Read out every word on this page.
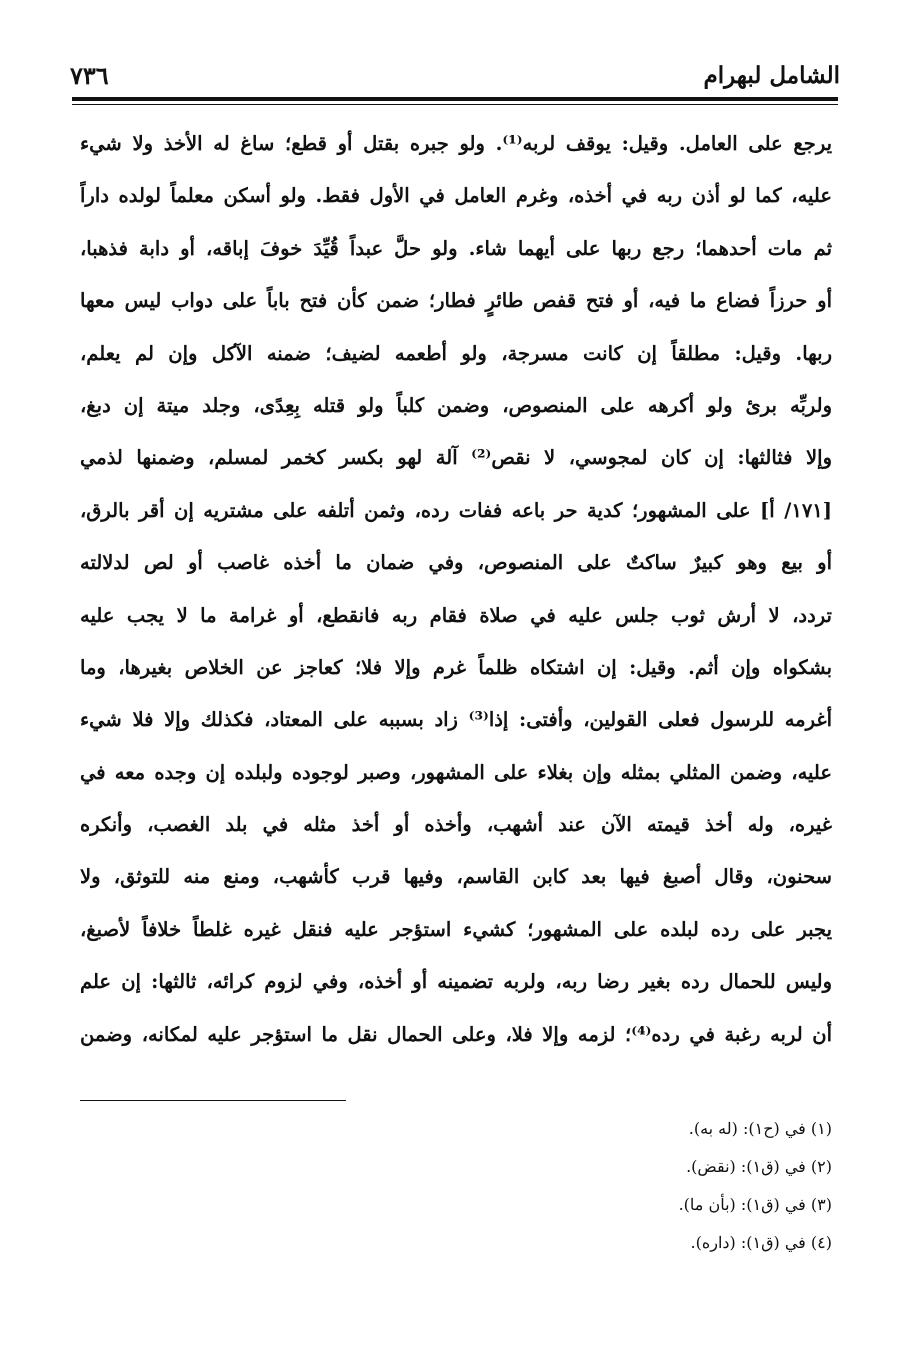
٧٣٦	الشامل لبهرام
يرجع على العامل. وقيل: يوقف لربه⁽¹⁾. ولو جبره بقتل أو قطع؛ ساغ له الأخذ ولا شيء
عليه، كما لو أذن ربه في أخذه، وغرم العامل في الأول فقط. ولو أسكن معلماً لولده داراً
ثم مات أحدهما؛ رجع ربها على أيهما شاء. ولو حلَّ عبداً قُيِّدَ خوفَ إباقه، أو دابة فذهبا،
أو حرزاً فضاع ما فيه، أو فتح قفص طائرٍ فطار؛ ضمن كأن فتح باباً على دواب ليس معها
ربها. وقيل: مطلقاً إن كانت مسرجة، ولو أطعمه لضيف؛ ضمنه الآكل وإن لم يعلم،
ولربِّه برئ ولو أكرهه على المنصوص، وضمن كلباً ولو قتله بِعِدًى، وجلد ميتة إن دبغ،
وإلا فثالثها: إن كان لمجوسي، لا نقص⁽²⁾ آلة لهو بكسر كخمر لمسلم، وضمنها لذمي
[١٧١/ أ] على المشهور؛ كدية حر باعه ففات رده، وثمن أتلفه على مشتريه إن أقر بالرق،
أو بيع وهو كبيرٌ ساكتٌ على المنصوص، وفي ضمان ما أخذه غاصب أو لص لدلالته
تردد، لا أرش ثوب جلس عليه في صلاة فقام ربه فانقطع، أو غرامة ما لا يجب عليه
بشكواه وإن أثم. وقيل: إن اشتكاه ظلماً غرم وإلا فلا؛ كعاجز عن الخلاص بغيرها، وما
أغرمه للرسول فعلى القولين، وأفتى: إذا⁽³⁾ زاد بسببه على المعتاد، فكذلك وإلا فلا شيء
عليه، وضمن المثلي بمثله وإن بغلاء على المشهور، وصبر لوجوده ولبلده إن وجده معه في
غيره، وله أخذ قيمته الآن عند أشهب، وأخذه أو أخذ مثله في بلد الغصب، وأنكره
سحنون، وقال أصبغ فيها بعد كابن القاسم، وفيها قرب كأشهب، ومنع منه للتوثق، ولا
يجبر على رده لبلده على المشهور؛ كشيء استؤجر عليه فنقل غيره غلطاً خلافاً لأصبغ،
وليس للحمال رده بغير رضا ربه، ولربه تضمينه أو أخذه، وفي لزوم كرائه، ثالثها: إن علم
أن لربه رغبة في رده⁽⁴⁾؛ لزمه وإلا فلا، وعلى الحمال نقل ما استؤجر عليه لمكانه، وضمن
(١) في (ح١): (له به).
(٢) في (ق١): (نقض).
(٣) في (ق١): (بأن ما).
(٤) في (ق١): (داره).
